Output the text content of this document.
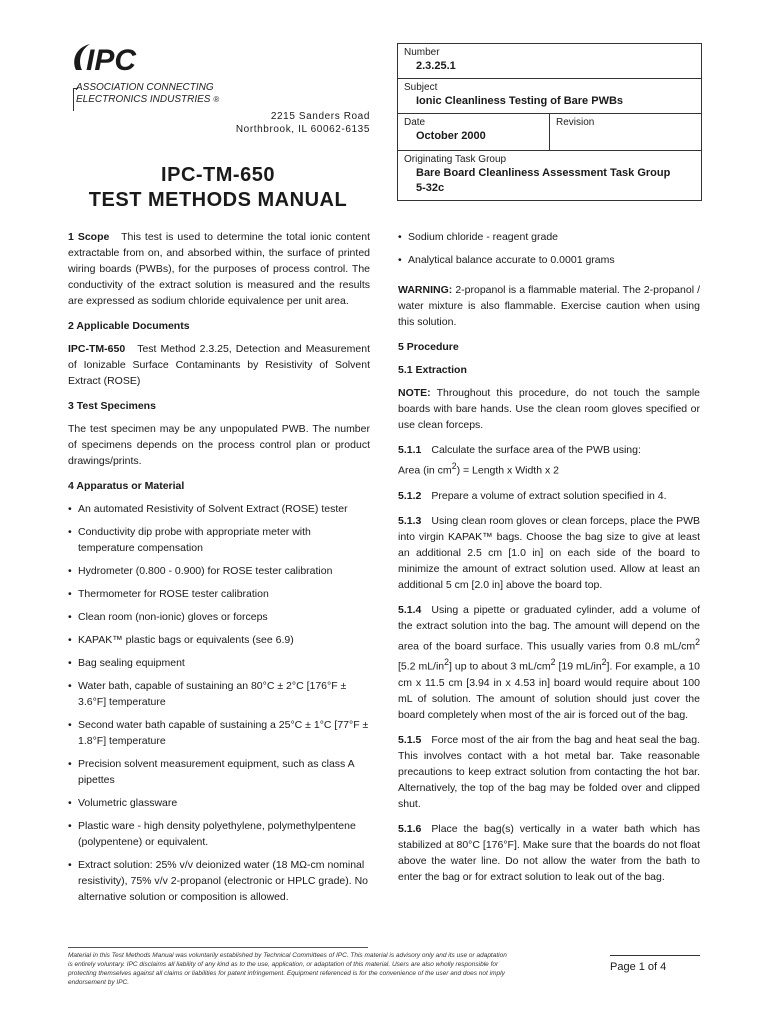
IPC
ASSOCIATION CONNECTING
ELECTRONICS INDUSTRIES ®
2215 Sanders Road
Northbrook, IL 60062-6135
IPC-TM-650
TEST METHODS MANUAL
Number
2.3.25.1
Subject
Ionic Cleanliness Testing of Bare PWBs
Date
October 2000
Revision
Originating Task Group
Bare Board Cleanliness Assessment Task Group 5-32c

1 Scope This test is used to determine the total ionic content extractable from on, and absorbed within, the surface of printed wiring boards (PWBs), for the purposes of process control. The conductivity of the extract solution is measured and the results are expressed as sodium chloride equivalence per unit area.

2 Applicable Documents

IPC-TM-650 Test Method 2.3.25, Detection and Measurement of Ionizable Surface Contaminants by Resistivity of Solvent Extract (ROSE)

3 Test Specimens

The test specimen may be any unpopulated PWB. The number of specimens depends on the process control plan or product drawings/prints.

4 Apparatus or Material
• An automated Resistivity of Solvent Extract (ROSE) tester
• Conductivity dip probe with appropriate meter with temperature compensation
• Hydrometer (0.800 - 0.900) for ROSE tester calibration
• Thermometer for ROSE tester calibration
• Clean room (non-ionic) gloves or forceps
• KAPAK™ plastic bags or equivalents (see 6.9)
• Bag sealing equipment
• Water bath, capable of sustaining an 80°C ± 2°C [176°F ± 3.6°F] temperature
• Second water bath capable of sustaining a 25°C ± 1°C [77°F ± 1.8°F] temperature
• Precision solvent measurement equipment, such as class A pipettes
• Volumetric glassware
• Plastic ware - high density polyethylene, polymethylpentene (polypentene) or equivalent.
• Extract solution: 25% v/v deionized water (18 MΩ-cm nominal resistivity), 75% v/v 2-propanol (electronic or HPLC grade). No alternative solution or composition is allowed.
• Sodium chloride - reagent grade
• Analytical balance accurate to 0.0001 grams

WARNING: 2-propanol is a flammable material. The 2-propanol / water mixture is also flammable. Exercise caution when using this solution.

5 Procedure
5.1 Extraction

NOTE: Throughout this procedure, do not touch the sample boards with bare hands. Use the clean room gloves specified or use clean forceps.

5.1.1 Calculate the surface area of the PWB using:
Area (in $cm^2$) = Length x Width x 2

5.1.2 Prepare a volume of extract solution specified in 4.

5.1.3 Using clean room gloves or clean forceps, place the PWB into virgin KAPAK™ bags. Choose the bag size to give at least an additional 2.5 cm [1.0 in] on each side of the board to minimize the amount of extract solution used. Allow at least an additional 5 cm [2.0 in] above the board top.

5.1.4 Using a pipette or graduated cylinder, add a volume of the extract solution into the bag. The amount will depend on the area of the board surface. This usually varies from 0.8 $mL/cm^2$ [5.2 $mL/in^2$] up to about 3 $mL/cm^2$ [19 $mL/in^2$]. For example, a 10 cm x 11.5 cm [3.94 in x 4.53 in] board would require about 100 mL of solution. The amount of solution should just cover the board completely when most of the air is forced out of the bag.

5.1.5 Force most of the air from the bag and heat seal the bag. This involves contact with a hot metal bar. Take reasonable precautions to keep extract solution from contacting the hot bar. Alternatively, the top of the bag may be folded over and clipped shut.

5.1.6 Place the bag(s) vertically in a water bath which has stabilized at 80°C [176°F]. Make sure that the boards do not float above the water line. Do not allow the water from the bath to enter the bag or for extract solution to leak out of the bag.

Material in this Test Methods Manual was voluntarily established by Technical Committees of IPC. This material is advisory only and its use or adaptation is entirely voluntary. IPC disclaims all liability of any kind as to the use, application, or adaptation of this material. Users are also wholly responsible for protecting themselves against all claims or liabilities for patent infringement. Equipment referenced is for the convenience of the user and does not imply endorsement by IPC.
Page 1 of 4
